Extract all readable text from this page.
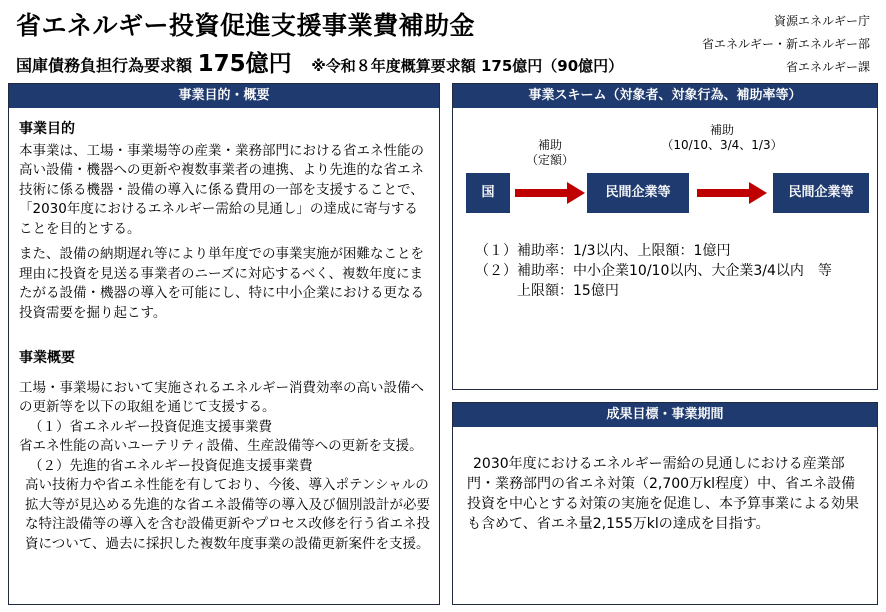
省エネルギー投資促進支援事業費補助金
国庫債務負担行為要求額 175億円 ※令和８年度概算要求額 175億円（90億円）
資源エネルギー庁
省エネルギー・新エネルギー部
省エネルギー課
事業目的・概要
事業目的
本事業は、工場・事業場等の産業・業務部門における省エネ性能の高い設備・機器への更新や複数事業者の連携、より先進的な省エネ技術に係る機器・設備の導入に係る費用の一部を支援することで、「2030年度におけるエネルギー需給の見通し」の達成に寄与することを目的とする。
また、設備の納期遅れ等により単年度での事業実施が困難なことを理由に投資を見送る事業者のニーズに対応するべく、複数年度にまたがる設備・機器の導入を可能にし、特に中小企業における更なる投資需要を掘り起こす。
事業概要
工場・事業場において実施されるエネルギー消費効率の高い設備への更新等を以下の取組を通じて支援する。
（１）省エネルギー投資促進支援事業費
省エネ性能の高いユーテリティ設備、生産設備等への更新を支援。
（２）先進的省エネルギー投資促進支援事業費
高い技術力や省エネ性能を有しており、今後、導入ポテンシャルの拡大等が見込める先進的な省エネ設備等の導入及び個別設計が必要な特注設備等の導入を含む設備更新やプロセス改修を行う省エネ投資について、過去に採択した複数年度事業の設備更新案件を支援。
事業スキーム（対象者、対象行為、補助率等）
国
補助
（定額）
民間企業等
補助
（10/10、3/4、1/3）
民間企業等
（１）補助率：1/3以内、上限額：1億円
（２）補助率：中小企業10/10以内、大企業3/4以内　等
上限額：15億円
成果目標・事業期間
2030年度におけるエネルギー需給の見通しにおける産業部門・業務部門の省エネ対策（2,700万kl程度）中、省エネ設備投資を中心とする対策の実施を促進し、本予算事業による効果も含めて、省エネ量2,155万klの達成を目指す。
